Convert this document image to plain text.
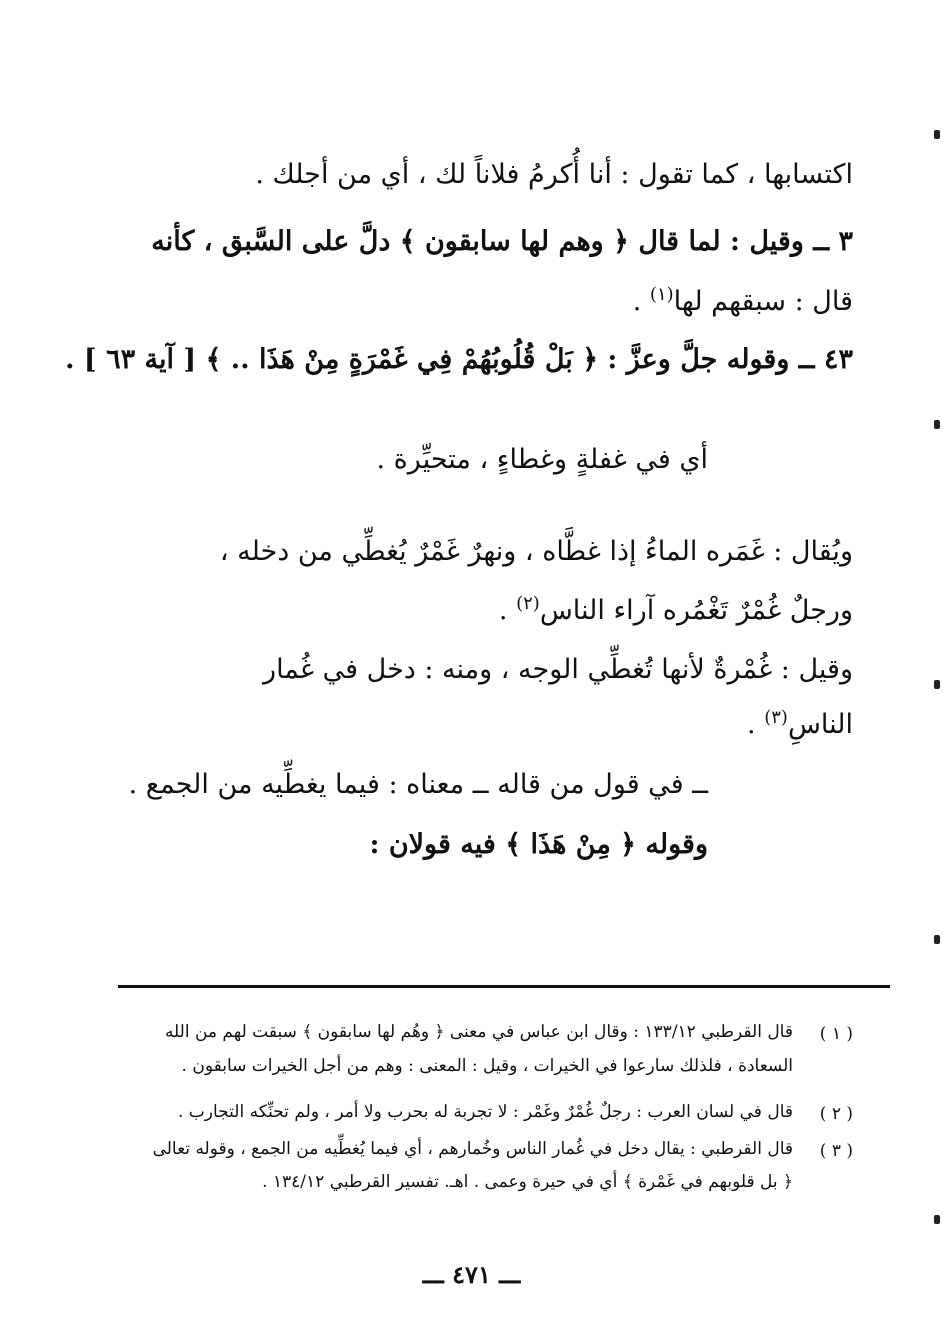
اكتسابها ، كما تقول : أنا أُكرمُ فلاناً لك ، أي من أجلك .
٣ ــ وقيل : لما قال ﴿ وهم لها سابقون ﴾ دلَّ على السَّبق ، كأنه
قال : سبقهم لها$^{(١)}$ .
٤٣ ــ وقوله جلَّ وعزَّ : ﴿ بَلْ قُلُوبُهُمْ فِي غَمْرَةٍ مِنْ هَذَا .. ﴾ [ آية ٦٣ ] .
أي في غفلةٍ وغطاءٍ ، متحيِّرة .
ويُقال : غَمَره الماءُ إذا غطَّاه ، ونهرٌ غَمْرٌ يُغطِّي من دخله ،
ورجلٌ غُمْرٌ تَغْمُره آراء الناس$^{(٢)}$ .
وقيل : غُمْرةٌ لأنها تُغطِّي الوجه ، ومنه : دخل في غُمار
الناسِ$^{(٣)}$ .
ــ في قول من قاله ــ معناه : فيما يغطِّيه من الجمع .
وقوله ﴿ مِنْ هَذَا ﴾ فيه قولان :
( ١ )
قال القرطبي ١٣٣/١٢ : وقال ابن عباس في معنى ﴿ وهُم لها سابقون ﴾ سبقت لهم من الله
السعادة ، فلذلك سارعوا في الخيرات ، وقيل : المعنى : وهم من أجل الخيرات سابقون .
( ٢ )
قال في لسان العرب : رجلٌ غُمْرٌ وغَمْر : لا تجربة له بحرب ولا أمر ، ولم تحنِّكه التجارب .
( ٣ )
قال القرطبي : يقال دخل في غُمار الناس وخُمارهم ، أي فيما يُغطِّيه من الجمع ، وقوله تعالى
﴿ بل قلوبهم في غَمْرة ﴾ أي في حيرة وعمى . اهـ. تفسير القرطبي ١٣٤/١٢ .
ـــ ٤٧١ ـــ
